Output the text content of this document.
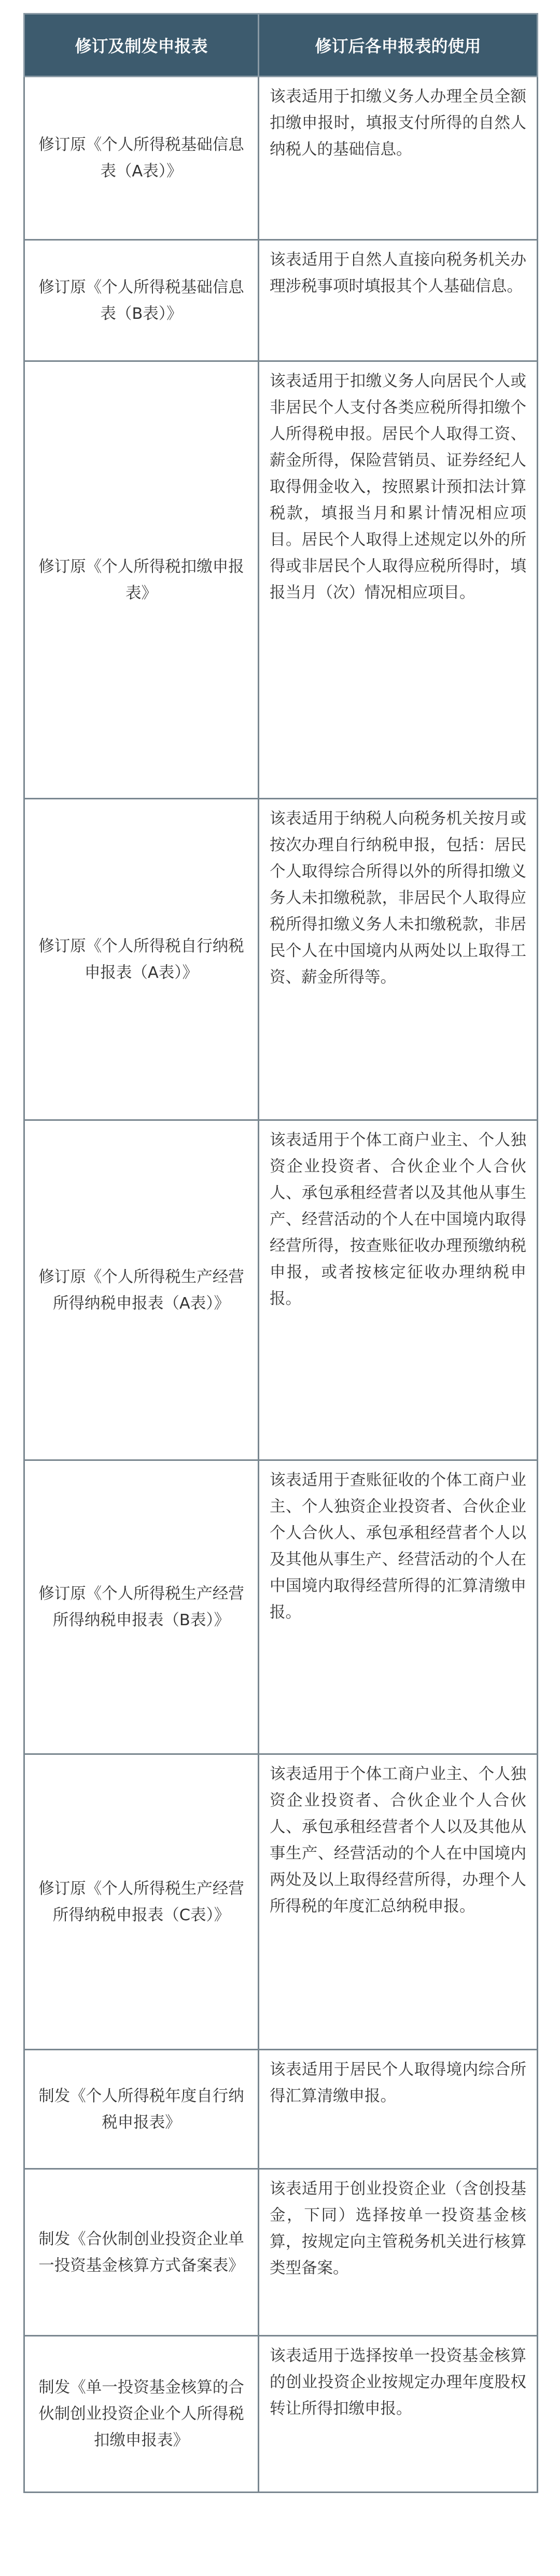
修订及制发申报表	修订后各申报表的使用
修订原《个人所得税基础信息表（A表）》	该表适用于扣缴义务人办理全员全额扣缴申报时，填报支付所得的自然人纳税人的基础信息。
修订原《个人所得税基础信息表（B表）》	该表适用于自然人直接向税务机关办理涉税事项时填报其个人基础信息。
修订原《个人所得税扣缴申报表》	该表适用于扣缴义务人向居民个人或非居民个人支付各类应税所得扣缴个人所得税申报。居民个人取得工资、薪金所得，保险营销员、证券经纪人取得佣金收入，按照累计预扣法计算税款，填报当月和累计情况相应项目。居民个人取得上述规定以外的所得或非居民个人取得应税所得时，填报当月（次）情况相应项目。
修订原《个人所得税自行纳税申报表（A表）》	该表适用于纳税人向税务机关按月或按次办理自行纳税申报，包括：居民个人取得综合所得以外的所得扣缴义务人未扣缴税款，非居民个人取得应税所得扣缴义务人未扣缴税款，非居民个人在中国境内从两处以上取得工资、薪金所得等。
修订原《个人所得税生产经营所得纳税申报表（A表）》	该表适用于个体工商户业主、个人独资企业投资者、合伙企业个人合伙人、承包承租经营者以及其他从事生产、经营活动的个人在中国境内取得经营所得，按查账征收办理预缴纳税申报，或者按核定征收办理纳税申报。
修订原《个人所得税生产经营所得纳税申报表（B表）》	该表适用于查账征收的个体工商户业主、个人独资企业投资者、合伙企业个人合伙人、承包承租经营者个人以及其他从事生产、经营活动的个人在中国境内取得经营所得的汇算清缴申报。
修订原《个人所得税生产经营所得纳税申报表（C表）》	该表适用于个体工商户业主、个人独资企业投资者、合伙企业个人合伙人、承包承租经营者个人以及其他从事生产、经营活动的个人在中国境内两处及以上取得经营所得，办理个人所得税的年度汇总纳税申报。
制发《个人所得税年度自行纳税申报表》	该表适用于居民个人取得境内综合所得汇算清缴申报。
制发《合伙制创业投资企业单一投资基金核算方式备案表》	该表适用于创业投资企业（含创投基金，下同）选择按单一投资基金核算，按规定向主管税务机关进行核算类型备案。
制发《单一投资基金核算的合伙制创业投资企业个人所得税扣缴申报表》	该表适用于选择按单一投资基金核算的创业投资企业按规定办理年度股权转让所得扣缴申报。
